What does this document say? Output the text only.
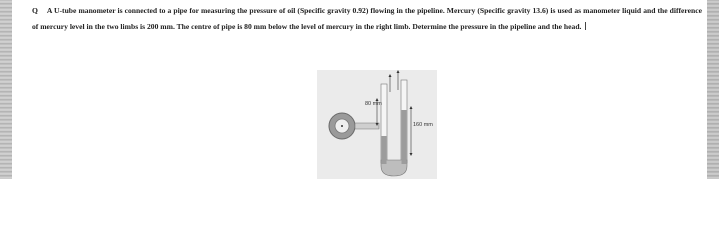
Q A U-tube manometer is connected to a pipe for measuring the pressure of oil (Specific gravity 0.92) flowing in the pipeline. Mercury (Specific gravity 13.6) is used as manometer liquid and the difference of mercury level in the two limbs is 200 mm. The centre of pipe is 80 mm below the level of mercury in the right limb. Determine the pressure in the pipeline and the head.
80 mm
160 mm
